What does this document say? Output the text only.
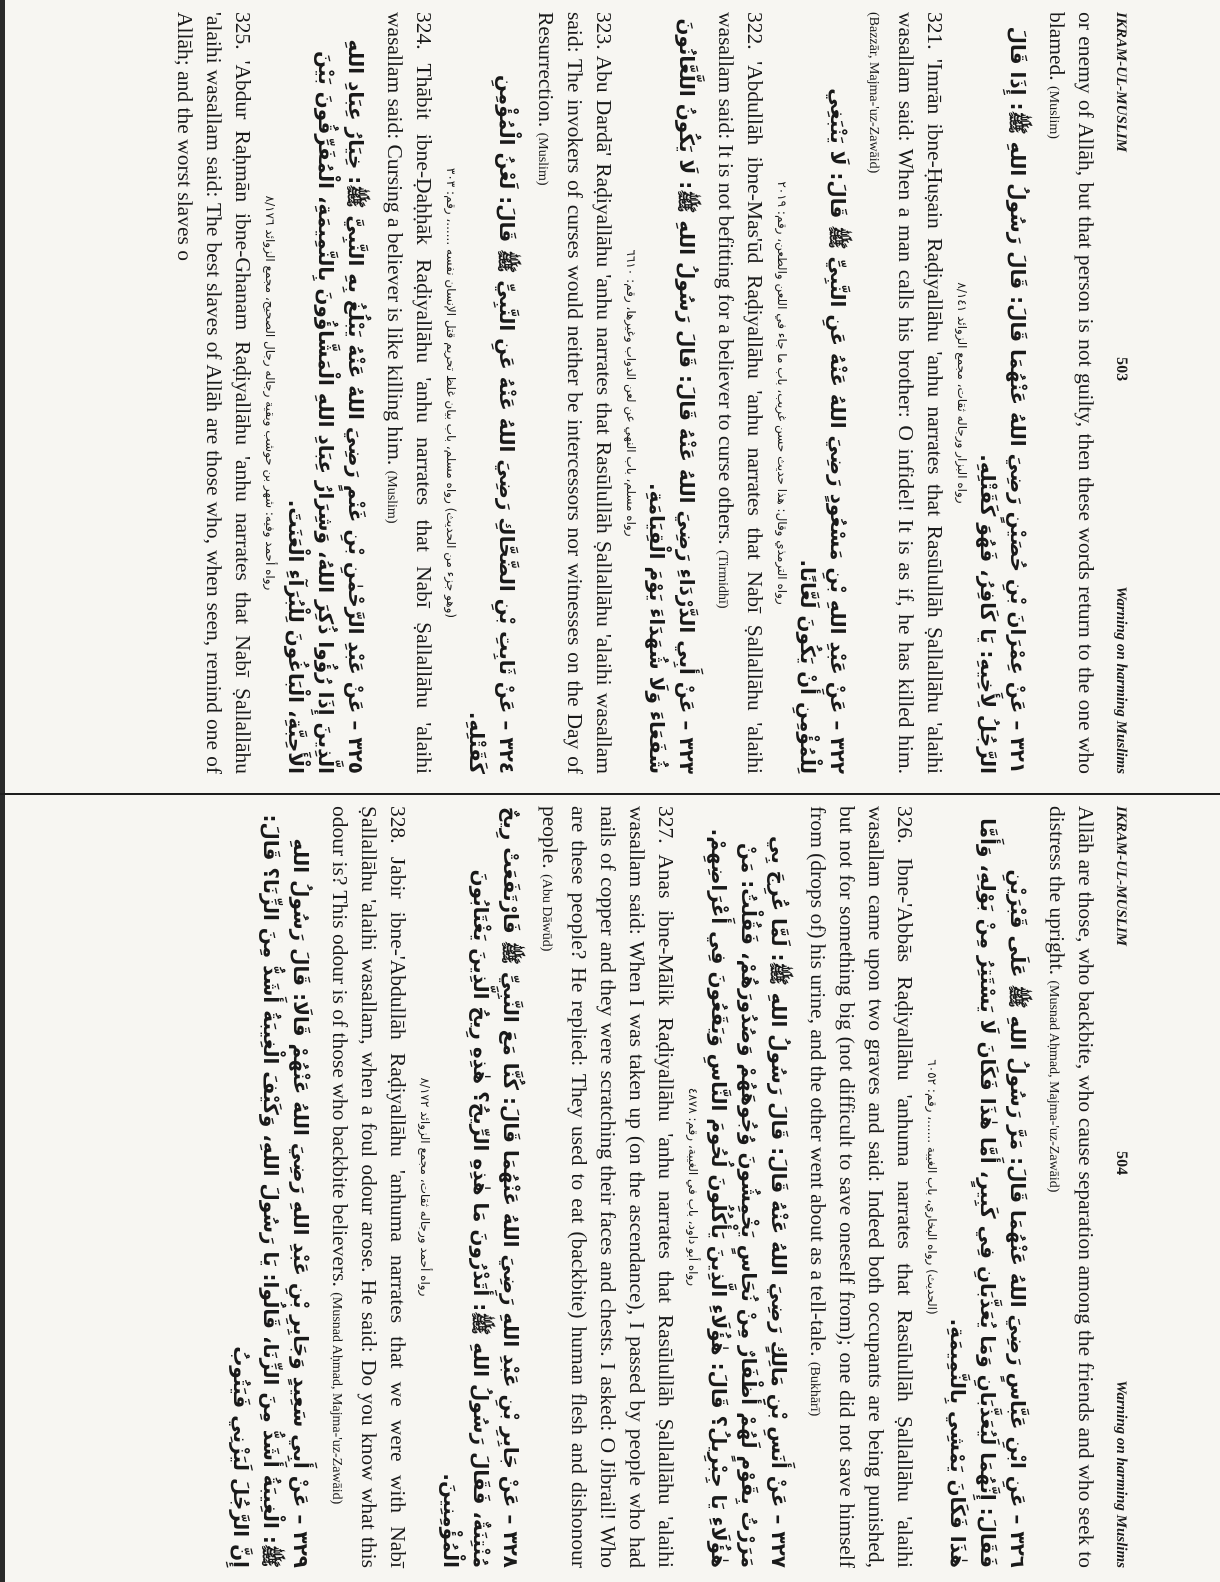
IKRAM-UL-MUSLIM
503
Warning on harming Muslims

or enemy of Allāh, but that person is not guilty, then these words return to the one who blamed. (Muslim)

٣٢١ – عَنْ عِمْرَانَ بْنِ حُصَيْنٍ رَضِيَ اللهُ عَنْهُمَا قَالَ: قَالَ رَسُولُ اللهِ ﷺ: إِذَا قَالَ الرَّجُلُ لِأَخِيهِ: يَا كَافِرُ، فَهُوَ كَقَتْلِهِ.

رواه البزار ورجاله ثقات، مجمع الزوائد ٨/١٤١

321. 'Imrān ibne-Ḥuṣain Raḍiyallāhu 'anhu narrates that Rasūlullāh Ṣallallāhu 'alaihi wasallam said: When a man calls his brother: O infidel! It is as if, he has killed him. (Bazzār, Majma-'uz-Zawāid)

٣٢٢ – عَنْ عَبْدِ اللهِ بْنِ مَسْعُودٍ رَضِيَ اللهُ عَنْهُ عَنِ النَّبِيِّ ﷺ قَالَ: لَا يَنْبَغِي لِلْمُؤْمِنِ أَنْ يَكُونَ لَعَّانًا.

رواه الترمذي وقال: هذا حديث حسن غريب، باب ما جاء في اللعن والطعن، رقم: ٢٠١٩

322. 'Abdullāh ibne-Mas'ūd Raḍiyallāhu 'anhu narrates that Nabī Ṣallallāhu 'alaihi wasallam said: It is not befitting for a believer to curse others. (Tirmidhī)

٣٢٣ – عَنْ أَبِي الدَّرْدَاءِ رَضِيَ اللهُ عَنْهُ قَالَ: قَالَ رَسُولُ اللهِ ﷺ: لَا يَكُونُ اللَّعَّانُونَ شُفَعَاءَ وَلَا شُهَدَاءَ يَوْمَ الْقِيَامَةِ.

رواه مسلم، باب النهي عن لعن الدواب وغيرها، رقم: ٦٦١٠

323. Abu Dardā' Raḍiyallāhu 'anhu narrates that Rasūlullāh Ṣallallāhu 'alaihi wasallam said: The invokers of curses would neither be intercessors nor witnesses on the Day of Resurrection. (Muslim)

٣٢٤ – عَنْ ثَابِتِ بْنِ الضَّحَّاكِ رَضِيَ اللهُ عَنْهُ عَنِ النَّبِيِّ ﷺ قَالَ: لَعْنُ الْمُؤْمِنِ كَقَتْلِهِ.

(وهو جزء من الحديث) رواه مسلم، باب بيان غلظ تحريم قتل الإنسان نفسه ......، رقم: ٣٠٣

324. Thābit ibne-Ḍaḥḥāk Raḍiyallāhu 'anhu narrates that Nabī Ṣallallāhu 'alaihi wasallam said: Cursing a believer is like killing him. (Muslim)

٣٢٥ – عَنْ عَبْدِ الرَّحْمٰنِ بْنِ غَنْمٍ رَضِيَ اللهُ عَنْهُ يَبْلُغُ بِهِ النَّبِيَّ ﷺ: خِيَارُ عِبَادِ اللهِ الَّذِينَ إِذَا رُؤُوا ذُكِرَ اللهُ، وَشِرَارُ عِبَادِ اللهِ الْمَشَّاؤُونَ بِالنَّمِيمَةِ، الْمُفَرِّقُونَ بَيْنَ الْأَحِبَّةِ، الْبَاغُونَ لِلْبُرَآءِ الْعَنَتَ.

رواه أحمد وفيه: شهر بن حوشب وبقية رجاله رجال الصحيح، مجمع الزوائد ٨/١٧٦

325. 'Abdur Raḥmān ibne-Ghanam Raḍiyallāhu 'anhu narrates that Nabī Ṣallallāhu 'alaihi wasallam said: The best slaves of Allāh are those who, when seen, remind one of Allāh; and the worst slaves o

IKRAM-UL-MUSLIM
504
Warning on harming Muslims

Allāh are those, who backbite, who cause separation among the friends and who seek to distress the upright. (Musnad Aḥmad, Majma-'uz-Zawāid)

٣٢٦ – عَنِ ابْنِ عَبَّاسٍ رَضِيَ اللهُ عَنْهُمَا قَالَ: مَرَّ رَسُولُ اللهِ ﷺ عَلَى قَبْرَيْنِ فَقَالَ: إِنَّهُمَا لَيُعَذَّبَانِ وَمَا يُعَذَّبَانِ فِي كَبِيرٍ، أَمَّا هٰذَا فَكَانَ لَا يَسْتَتِرُ مِنْ بَوْلِهِ، وَأَمَّا هٰذَا فَكَانَ يَمْشِي بِالنَّمِيمَةِ.

(الحديث) رواه البخاري، باب الغيبة ......، رقم: ٦٠٥٢

326. Ibne-'Abbās Raḍiyallāhu 'anhuma narrates that Rasūlullāh Ṣallallāhu 'alaihi wasallam came upon two graves and said: Indeed both occupants are being punished, but not for something big (not difficult to save oneself from); one did not save himself from (drops of) his urine, and the other went about as a tell-tale. (Bukhārī)

٣٢٧ – عَنْ أَنَسِ بْنِ مَالِكٍ رَضِيَ اللهُ عَنْهُ قَالَ: قَالَ رَسُولُ اللهِ ﷺ: لَمَّا عُرِجَ بِي مَرَرْتُ بِقَوْمٍ لَهُمْ أَظْفَارٌ مِنْ نُحَاسٍ يَخْمِشُونَ وُجُوهَهُمْ وَصُدُورَهُمْ، فَقُلْتُ: مَنْ هٰؤُلَاءِ يَا جِبْرِيلُ؟ قَالَ: هٰؤُلَاءِ الَّذِينَ يَأْكُلُونَ لُحُومَ النَّاسِ وَيَقَعُونَ فِي أَعْرَاضِهِمْ.

رواه أبو داود، باب في الغيبة، رقم: ٤٨٧٨

327. Anas ibne-Mālik Raḍiyallāhu 'anhu narrates that Rasūlullāh Ṣallallāhu 'alaihi wasallam said: When I was taken up (on the ascendance), I passed by people who had nails of copper and they were scratching their faces and chests. I asked: O Jibrail! Who are these people? He replied: They used to eat (backbite) human flesh and dishonour people. (Abu Dāwūd)

٣٢٨ – عَنْ جَابِرِ بْنِ عَبْدِ اللهِ رَضِيَ اللهُ عَنْهُمَا قَالَ: كُنَّا مَعَ النَّبِيِّ ﷺ فَارْتَفَعَتْ رِيحٌ مُنْتِنَةٌ، فَقَالَ رَسُولُ اللهِ ﷺ: أَتَدْرُونَ مَا هٰذِهِ الرِّيحُ؟ هٰذِهِ رِيحُ الَّذِينَ يَغْتَابُونَ الْمُؤْمِنِينَ.

رواه أحمد ورجاله ثقات، مجمع الزوائد ٨/١٧٢

328. Jabir ibne-'Abdullāh Raḍiyallāhu 'anhuma narrates that we were with Nabī Ṣallallāhu 'alaihi wasallam, when a foul odour arose. He said: Do you know what this odour is? This odour is of those who backbite believers. (Musnad Aḥmad, Majma-'uz-Zawāid)

٣٢٩ – عَنْ أَبِي سَعِيدٍ وَجَابِرِ بْنِ عَبْدِ اللهِ رَضِيَ اللهُ عَنْهُمْ قَالَا: قَالَ رَسُولُ اللهِ ﷺ: الْغِيبَةُ أَشَدُّ مِنَ الزِّنَا، قَالُوا: يَا رَسُولَ اللهِ، وَكَيْفَ الْغِيبَةُ أَشَدُّ مِنَ الزِّنَا؟ قَالَ: إِنَّ الرَّجُلَ لَيَزْنِي فَيَتُوبُ
